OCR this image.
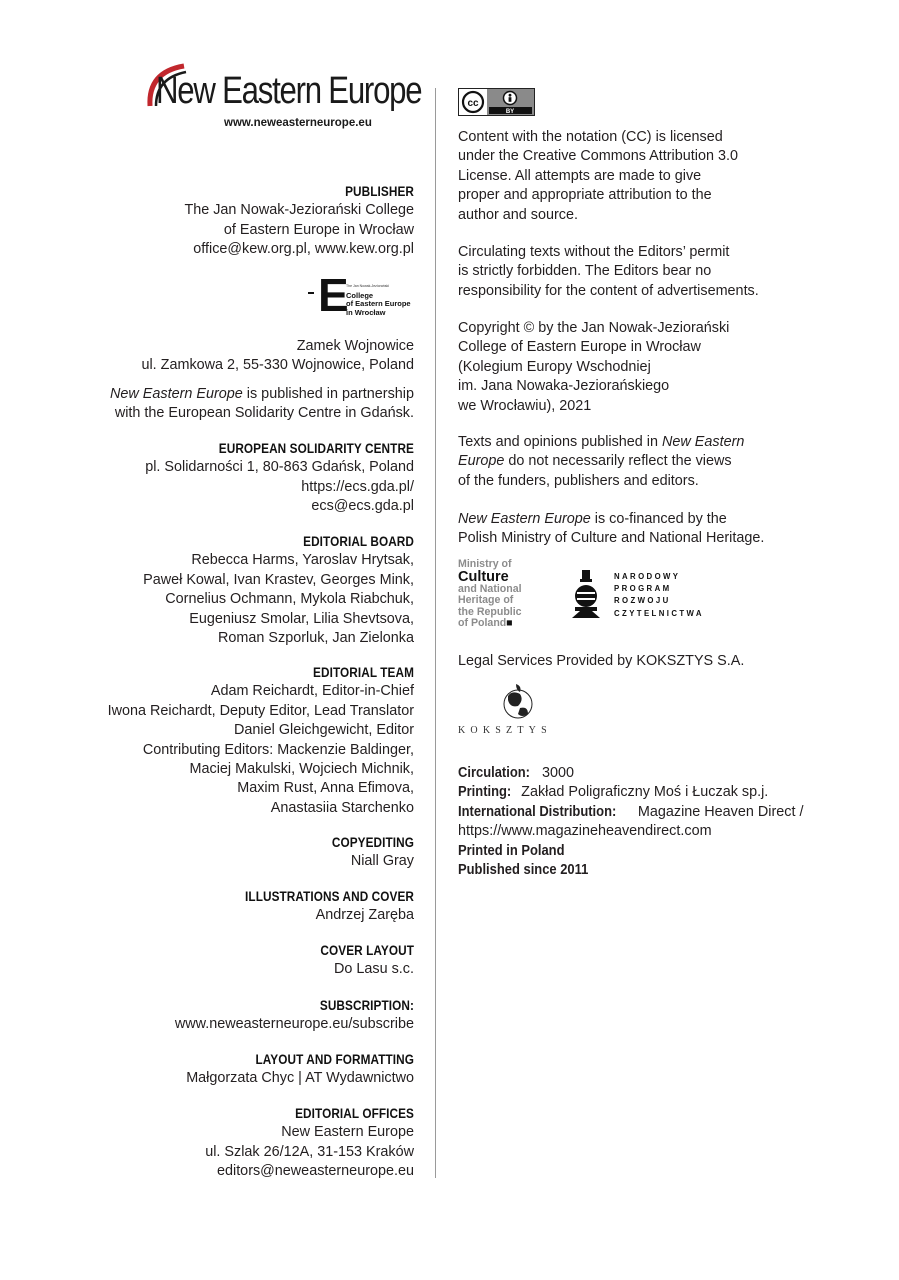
New Eastern Europe
www.neweasterneurope.eu
PUBLISHER
The Jan Nowak-Jeziorański College
of Eastern Europe in Wrocław
office@kew.org.pl, www.kew.org.pl
Zamek Wojnowice
ul. Zamkowa 2, 55-330 Wojnowice, Poland
New Eastern Europe is published in partnership
with the European Solidarity Centre in Gdańsk.
EUROPEAN SOLIDARITY CENTRE
pl. Solidarności 1, 80-863 Gdańsk, Poland
https://ecs.gda.pl/
ecs@ecs.gda.pl
EDITORIAL BOARD
Rebecca Harms, Yaroslav Hrytsak,
Paweł Kowal, Ivan Krastev, Georges Mink,
Cornelius Ochmann, Mykola Riabchuk,
Eugeniusz Smolar, Lilia Shevtsova,
Roman Szporluk, Jan Zielonka
EDITORIAL TEAM
Adam Reichardt, Editor-in-Chief
Iwona Reichardt, Deputy Editor, Lead Translator
Daniel Gleichgewicht, Editor
Contributing Editors: Mackenzie Baldinger,
Maciej Makulski, Wojciech Michnik,
Maxim Rust, Anna Efimova,
Anastasiia Starchenko
COPYEDITING
Niall Gray
ILLUSTRATIONS AND COVER
Andrzej Zaręba
COVER LAYOUT
Do Lasu s.c.
SUBSCRIPTION:
www.neweasterneurope.eu/subscribe
LAYOUT AND FORMATTING
Małgorzata Chyc | AT Wydawnictwo
EDITORIAL OFFICES
New Eastern Europe
ul. Szlak 26/12A, 31-153 Kraków
editors@neweasterneurope.eu
E
The Jan Nowak-Jeziorański
College
of Eastern Europe
in Wrocław
cc
BY
Content with the notation (CC) is licensed
under the Creative Commons Attribution 3.0
License. All attempts are made to give
proper and appropriate attribution to the
author and source.
Circulating texts without the Editors’ permit
is strictly forbidden. The Editors bear no
responsibility for the content of advertisements.
Copyright © by the Jan Nowak-Jeziorański
College of Eastern Europe in Wrocław
(Kolegium Europy Wschodniej
im. Jana Nowaka-Jeziorańskiego
we Wrocławiu), 2021
Texts and opinions published in New Eastern
Europe do not necessarily reflect the views
of the funders, publishers and editors.
New Eastern Europe is co-financed by the
Polish Ministry of Culture and National Heritage.
Legal Services Provided by KOKSZTYS S.A.
Circulation: 3000
Printing: Zakład Poligraficzny Moś i Łuczak sp.j.
International Distribution: Magazine Heaven Direct /
https://www.magazineheavendirect.com
Printed in Poland
Published since 2011
Ministry of
Culture
and National
Heritage of
the Republic
of Poland■
NARODOWY
PROGRAM
ROZWOJU
CZYTELNICTWA
KOKSZTYS
